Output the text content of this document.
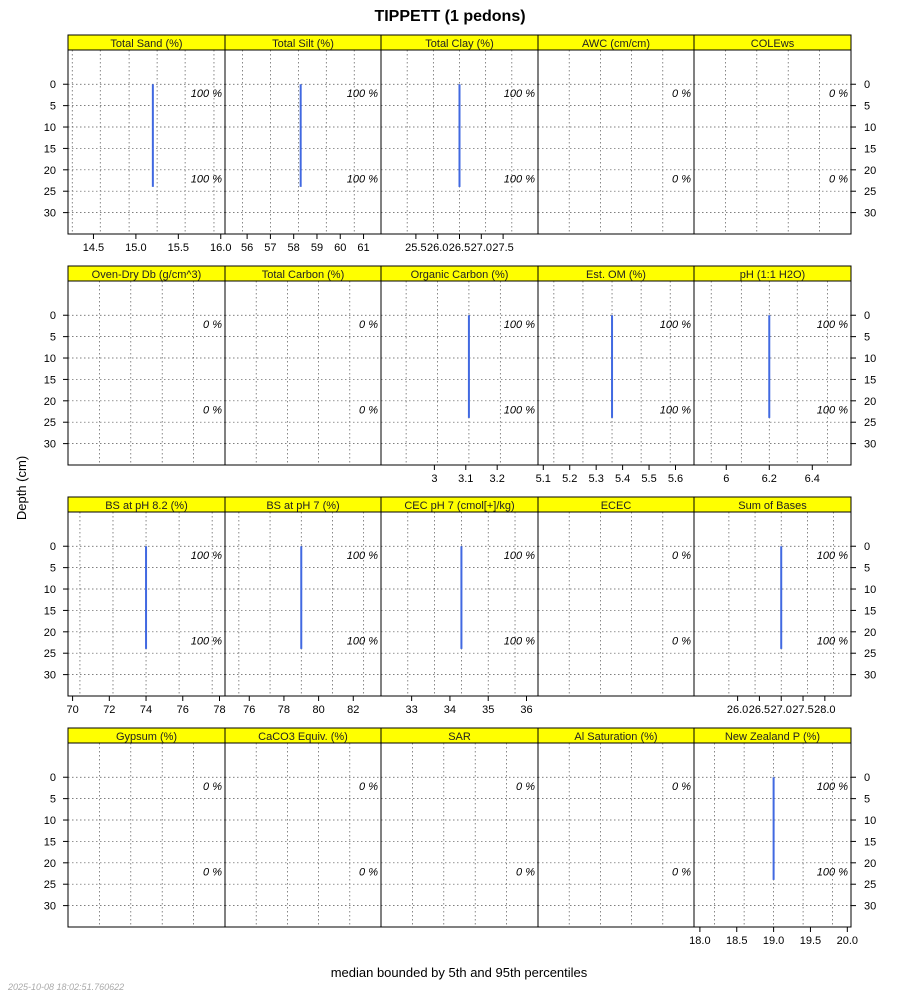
TIPPETT (1 pedons)
Depth (cm)
median bounded by 5th and 95th percentiles
2025-10-08 18:02:51.760622
Total Sand (%)
100 %
100 %
14.5 15.0 15.5 16.0
Total Silt (%)
100 %
100 %
56 57 58 59 60 61
Total Clay (%)
100 %
100 %
25.5 26.0 26.5 27.0 27.5
AWC (cm/cm)
0 %
0 %
COLEws
0 %
0 %
Oven-Dry Db (g/cm^3)
0 %
0 %
Total Carbon (%)
0 %
0 %
Organic Carbon (%)
100 %
100 %
3 3.1 3.2
Est. OM (%)
100 %
100 %
5.1 5.2 5.3 5.4 5.5 5.6
pH (1:1 H2O)
100 %
100 %
6	6.2	6.4
BS at pH 8.2 (%)
100 %
100 %
70 72 74 76 78
BS at pH 7 (%)
100 %
100 %
76 78 80 82
CEC pH 7 (cmol[+]/kg)
100 %
100 %
33 34 35 36
ECEC
0 %
0 %
Sum of Bases
100 %
100 %
26.0 26.5 27.0 27.5 28.0
Gypsum (%)
0 %
0 %
CaCO3 Equiv. (%)
0 %
0 %
SAR
0 %
0 %
Al Saturation (%)
0 %
0 %
New Zealand P (%)
100 %
100 %
18.0 18.5 19.0 19.5 20.0
0	0
5	5
10	10
15	15
20	20
25	25
30	30
0	0
5	5
10	10
15	15
20	20
25	25
30	30
0	0
5	5
10	10
15	15
20	20
25	25
30	30
0	0
5	5
10	10
15	15
20	20
25	25
30	30
